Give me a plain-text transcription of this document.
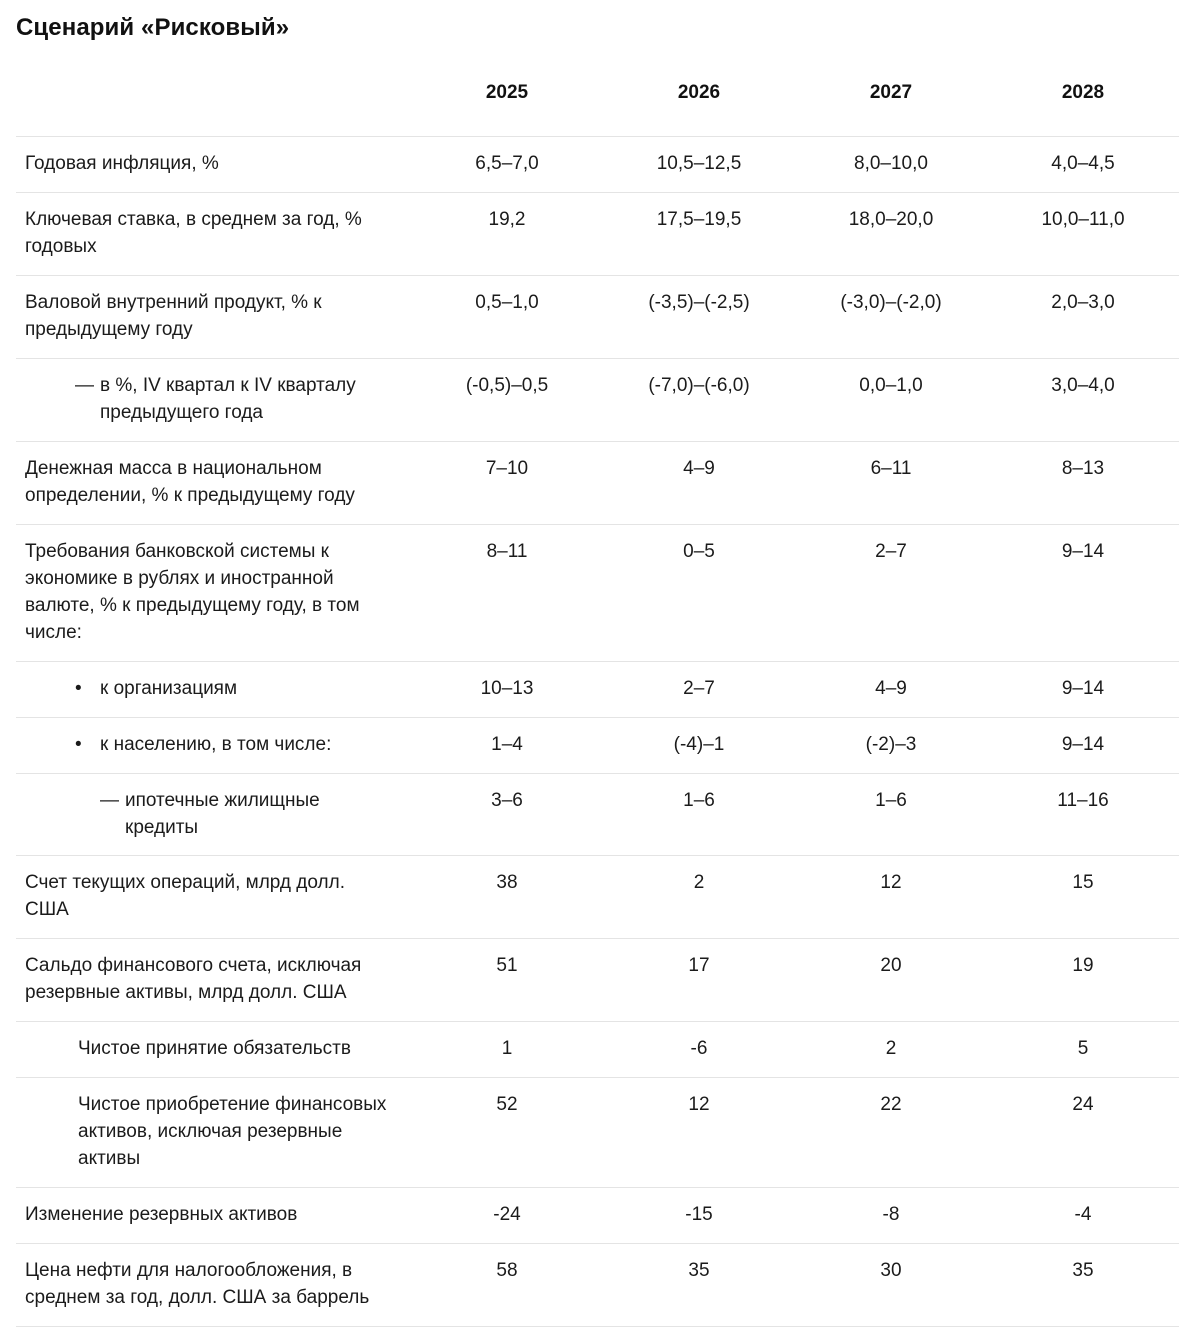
Сценарий «Рисковый»
	2025	2026	2027	2028

Годовая инфляция, %	6,5–7,0	10,5–12,5	8,0–10,0	4,0–4,5

Ключевая ставка, в среднем за год, % годовых	19,2	17,5–19,5	18,0–20,0	10,0–11,0

Валовой внутренний продукт, % к предыдущему году	0,5–1,0	(-3,5)–(-2,5)	(-3,0)–(-2,0)	2,0–3,0

— в %, IV квартал к IV кварталу предыдущего года	(-0,5)–0,5	(-7,0)–(-6,0)	0,0–1,0	3,0–4,0

Денежная масса в национальном определении, % к предыдущему году	7–10	4–9	6–11	8–13

Требования банковской системы к экономике в рублях и иностранной валюте, % к предыдущему году, в том числе:	8–11	0–5	2–7	9–14

• к организациям	10–13	2–7	4–9	9–14

• к населению, в том числе:	1–4	(-4)–1	(-2)–3	9–14

— ипотечные жилищные кредиты	3–6	1–6	1–6	11–16

Счет текущих операций, млрд долл. США	38	2	12	15

Сальдо финансового счета, исключая резервные активы, млрд долл. США	51	17	20	19

Чистое принятие обязательств	1	-6	2	5

Чистое приобретение финансовых активов, исключая резервные активы	52	12	22	24

Изменение резервных активов	-24	-15	-8	-4

Цена нефти для налогообложения, в среднем за год, долл. США за баррель	58	35	30	35
